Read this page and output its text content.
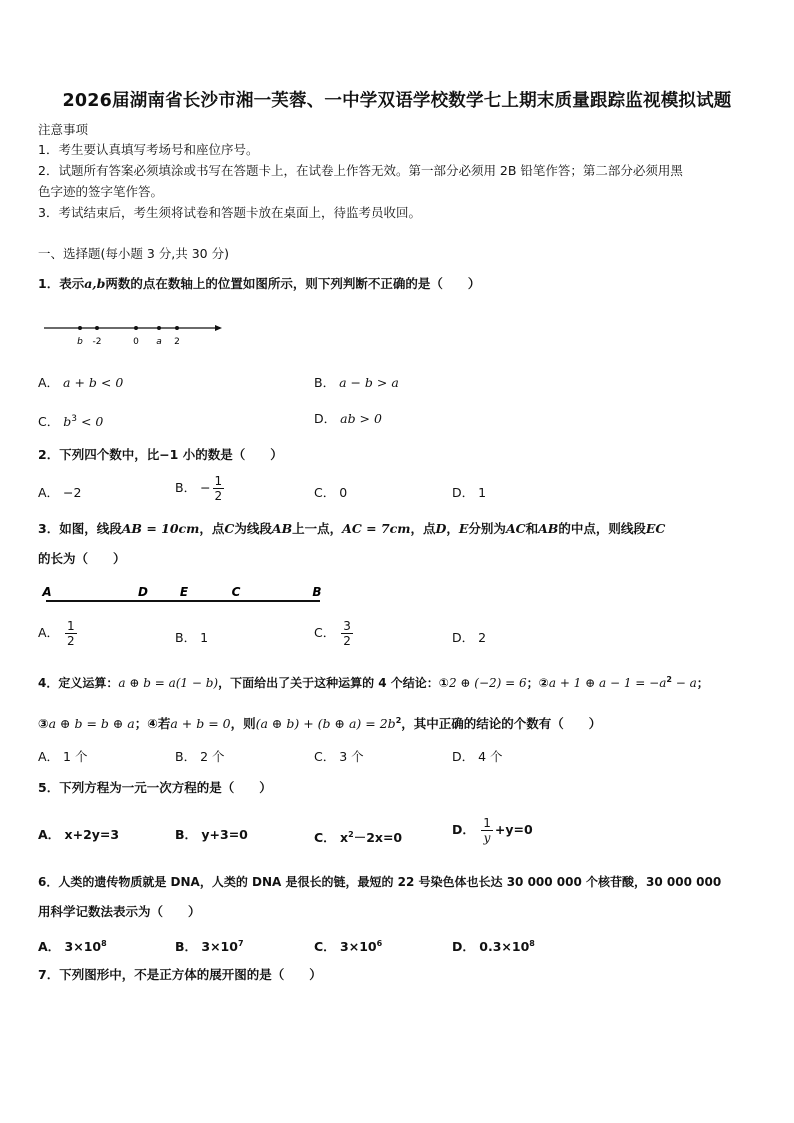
2026届湖南省长沙市湘一芙蓉、一中学双语学校数学七上期末质量跟踪监视模拟试题
注意事项
1．考生要认真填写考场号和座位序号。
2．试题所有答案必须填涂或书写在答题卡上，在试卷上作答无效。第一部分必须用 2B 铅笔作答；第二部分必须用黑
色字迹的签字笔作答。
3．考试结束后，考生须将试卷和答题卡放在桌面上，待监考员收回。
一、选择题(每小题 3 分,共 30 分)
1．表示a,b两数的点在数轴上的位置如图所示，则下列判断不正确的是（　　）
b -2	0 a 2
A． a + b < 0	B． a − b > a
C． $b^3 < 0$	D． ab > 0
2．下列四个数中，比−1 小的数是（　　）
A． −2	B． − $\frac{1}{2}$	C． 0	D． 1
3．如图，线段AB = 10cm，点C为线段AB上一点，AC = 7cm，点D，E分别为AC和AB的中点，则线段EC
的长为（　　）
A	D	E	C	B
A． $\frac{1}{2}$	B． 1	C． $\frac{3}{2}$	D． 2
4．定义运算：a ⊕ b = a(1 − b)，下面给出了关于这种运算的 4 个结论：①2 ⊕ (−2) = 6；②a + 1 ⊕ $a - 1 = -a^2 - a$；
③a ⊕ b = b ⊕ a；④若a + b = 0，则(a ⊕ b) + (b ⊕ $a) = 2b^2$，其中正确的结论的个数有（　　）
A． 1 个	B． 2 个	C． 3 个	D． 4 个
5．下列方程为一元一次方程的是（　　）
A． x+2y=3	B． y+3=0	C． $x^2-2x=0$
D． $\frac{1}{y} +y=0$
6．人类的遗传物质就是 DNA，人类的 DNA 是很长的链，最短的 22 号染色体也长达 30 000 000 个核苷酸，30 000 000
用科学记数法表示为（　　）
A． $3\times 10^8$	B． $3\times 10^7$	C． $3\times 10^6$	D． $0.3\times 10^8$
7．下列图形中，不是正方体的展开图的是（　　）
